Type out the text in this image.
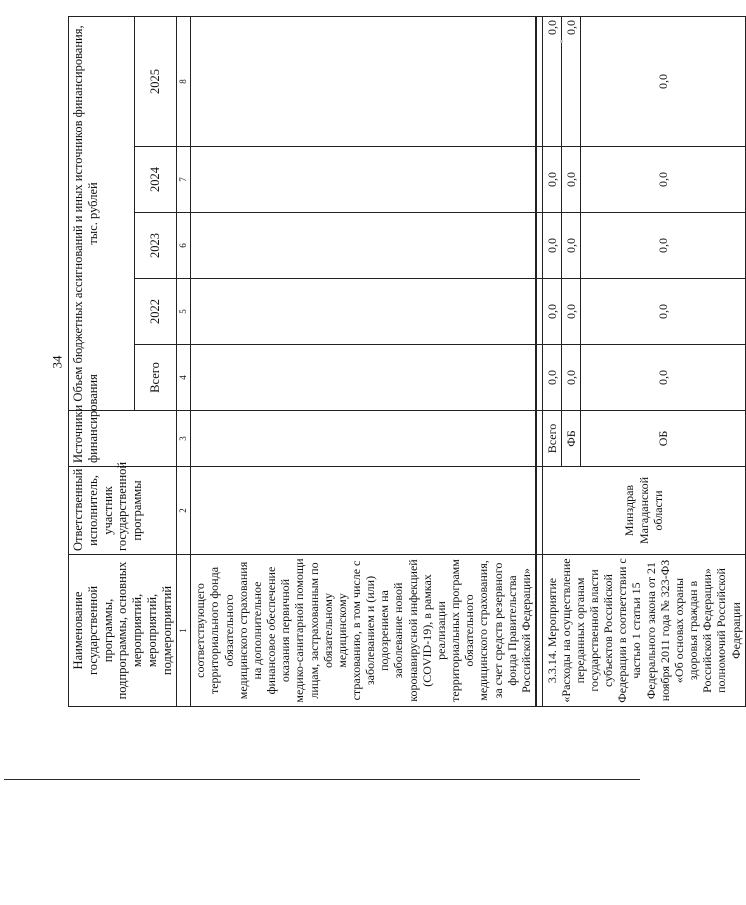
34
Наименование государственной программы, подпрограммы, основных мероприятий, мероприятий, подмероприятий	Ответственный исполнитель, участник государственной программы	Источники финансирования	Объем бюджетных ассигнований и иных источников финансирования, тыс. рублей				
			Всего	2022	2023	2024	2025
1	2	3	4	5	6	7	8
соответствующего территориального фонда обязательного медицинского страхования на дополнительное финансовое обеспечение оказания первичной медико-санитарной помощи лицам, застрахованным по обязательному медицинскому страхованию, в том числе с заболеванием и (или) подозрением на заболевание новой коронавирусной инфекцией (COVID-19), в рамках реализации территориальных программ обязательного медицинского страхования, за счет средств резервного фонда Правительства Российской Федерации»							

3.3.14. Мероприятие «Расходы на осуществление переданных органам государственной власти субъектов Российской Федерации в соответствии с частью 1 статьи 15 Федерального закона от 21 ноября 2011 года № 323-ФЗ «Об основах охраны здоровья граждан в Российской Федерации» полномочий Российской Федерации	Минздрав Магаданской области	Всего	0,0	0,0	0,0	0,0	0,0
		ФБ	0,0	0,0	0,0	0,0	0,0
		ОБ	0,0	0,0	0,0	0,0	0,0
